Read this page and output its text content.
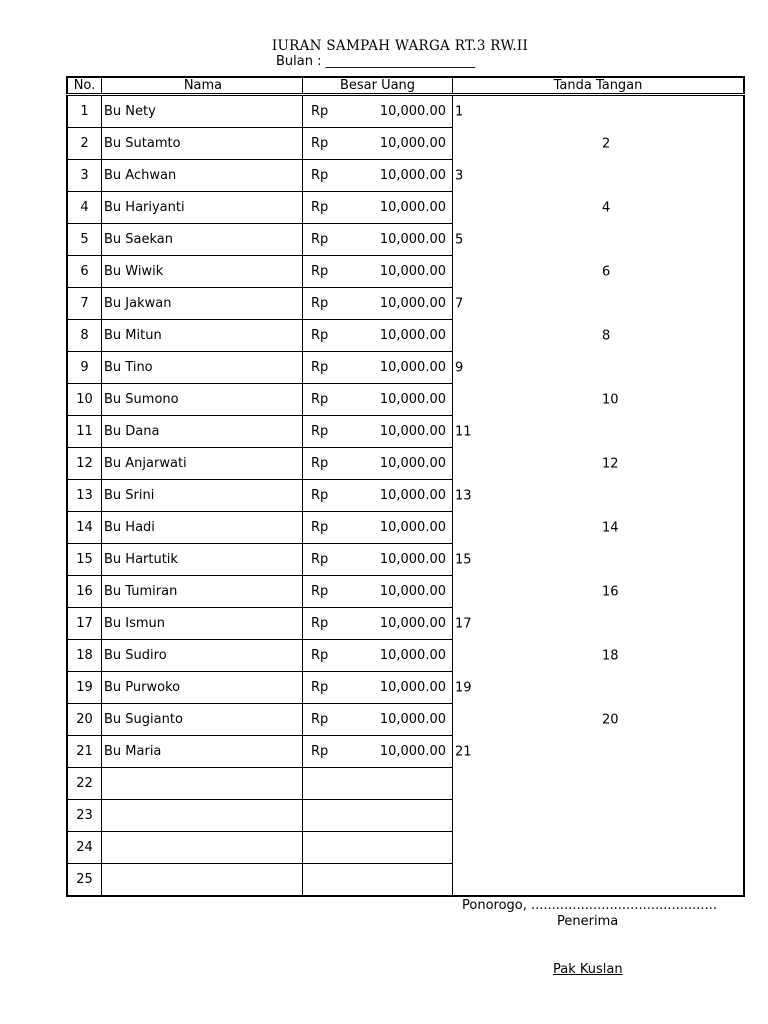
IURAN SAMPAH WARGA RT.3 RW.II
Bulan : _______________________
No.	Nama	Besar Uang		Tanda Tangan
1	Bu Nety	Rp	10,000.00	1

2	Bu Sutamto	Rp	10,000.00	2

3	Bu Achwan	Rp	10,000.00	3

4	Bu Hariyanti	Rp	10,000.00	4

5	Bu Saekan	Rp	10,000.00	5

6	Bu Wiwik	Rp	10,000.00	6

7	Bu Jakwan	Rp	10,000.00	7

8	Bu Mitun	Rp	10,000.00	8

9	Bu Tino	Rp	10,000.00	9

10	Bu Sumono	Rp	10,000.00	10

11	Bu Dana	Rp	10,000.00	11

12	Bu Anjarwati	Rp	10,000.00	12

13	Bu Srini	Rp	10,000.00	13

14	Bu Hadi	Rp	10,000.00	14

15	Bu Hartutik	Rp	10,000.00	15

16	Bu Tumiran	Rp	10,000.00	16

17	Bu Ismun	Rp	10,000.00	17

18	Bu Sudiro	Rp	10,000.00	18

19	Bu Purwoko	Rp	10,000.00	19

20	Bu Sugianto	Rp	10,000.00	20

21	Bu Maria	Rp	10,000.00	21

22				

23				

24				

25				
Ponorogo, .............................................
Penerima
Pak Kuslan
